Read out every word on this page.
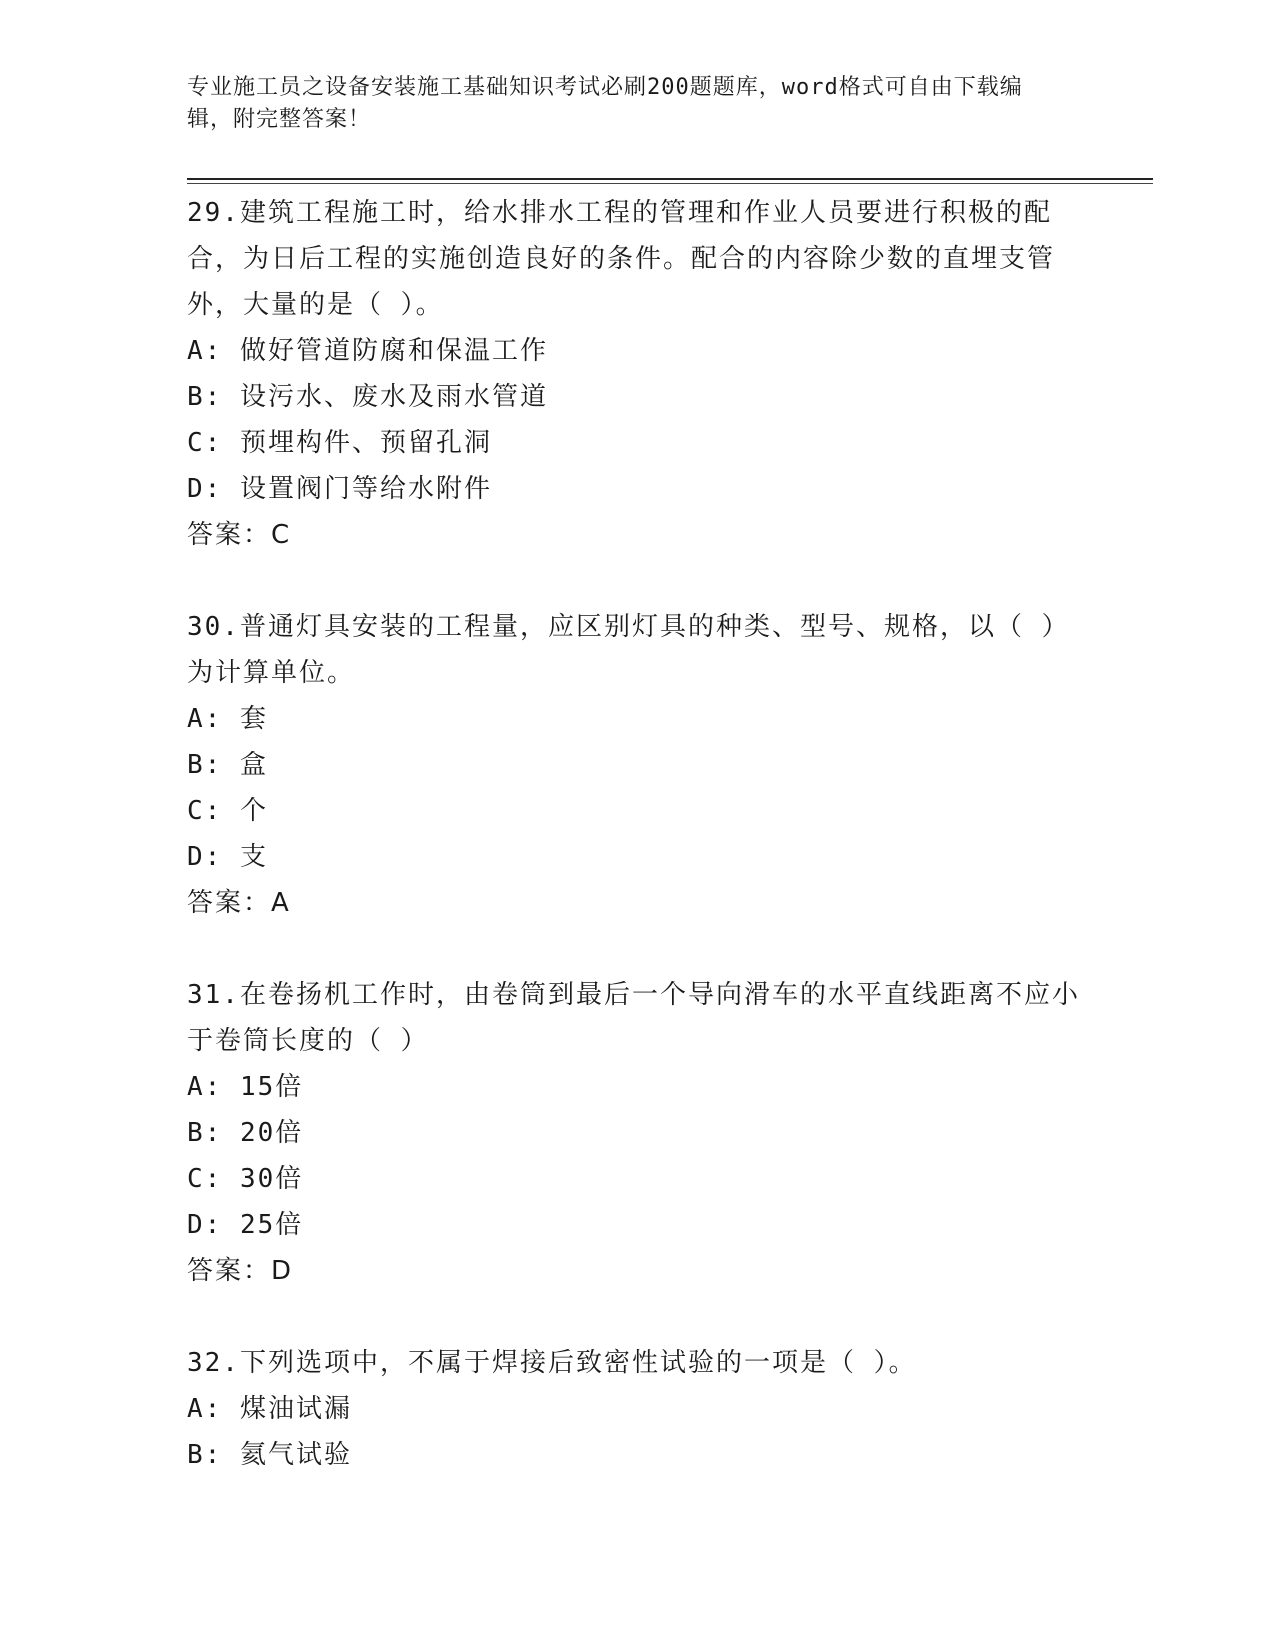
专业施工员之设备安装施工基础知识考试必刷200题题库，word格式可自由下载编辑，附完整答案！

29.建筑工程施工时，给水排水工程的管理和作业人员要进行积极的配合，为日后工程的实施创造良好的条件。配合的内容除少数的直埋支管外，大量的是（ ）。

A: 做好管道防腐和保温工作

B: 设污水、废水及雨水管道

C: 预埋构件、预留孔洞

D: 设置阀门等给水附件

答案：C

30.普通灯具安装的工程量，应区别灯具的种类、型号、规格，以（ ）为计算单位。

A: 套

B: 盒

C: 个

D: 支

答案：A

31.在卷扬机工作时，由卷筒到最后一个导向滑车的水平直线距离不应小于卷筒长度的（ ）

A: 15倍

B: 20倍

C: 30倍

D: 25倍

答案：D

32.下列选项中，不属于焊接后致密性试验的一项是（ ）。

A: 煤油试漏

B: 氦气试验
